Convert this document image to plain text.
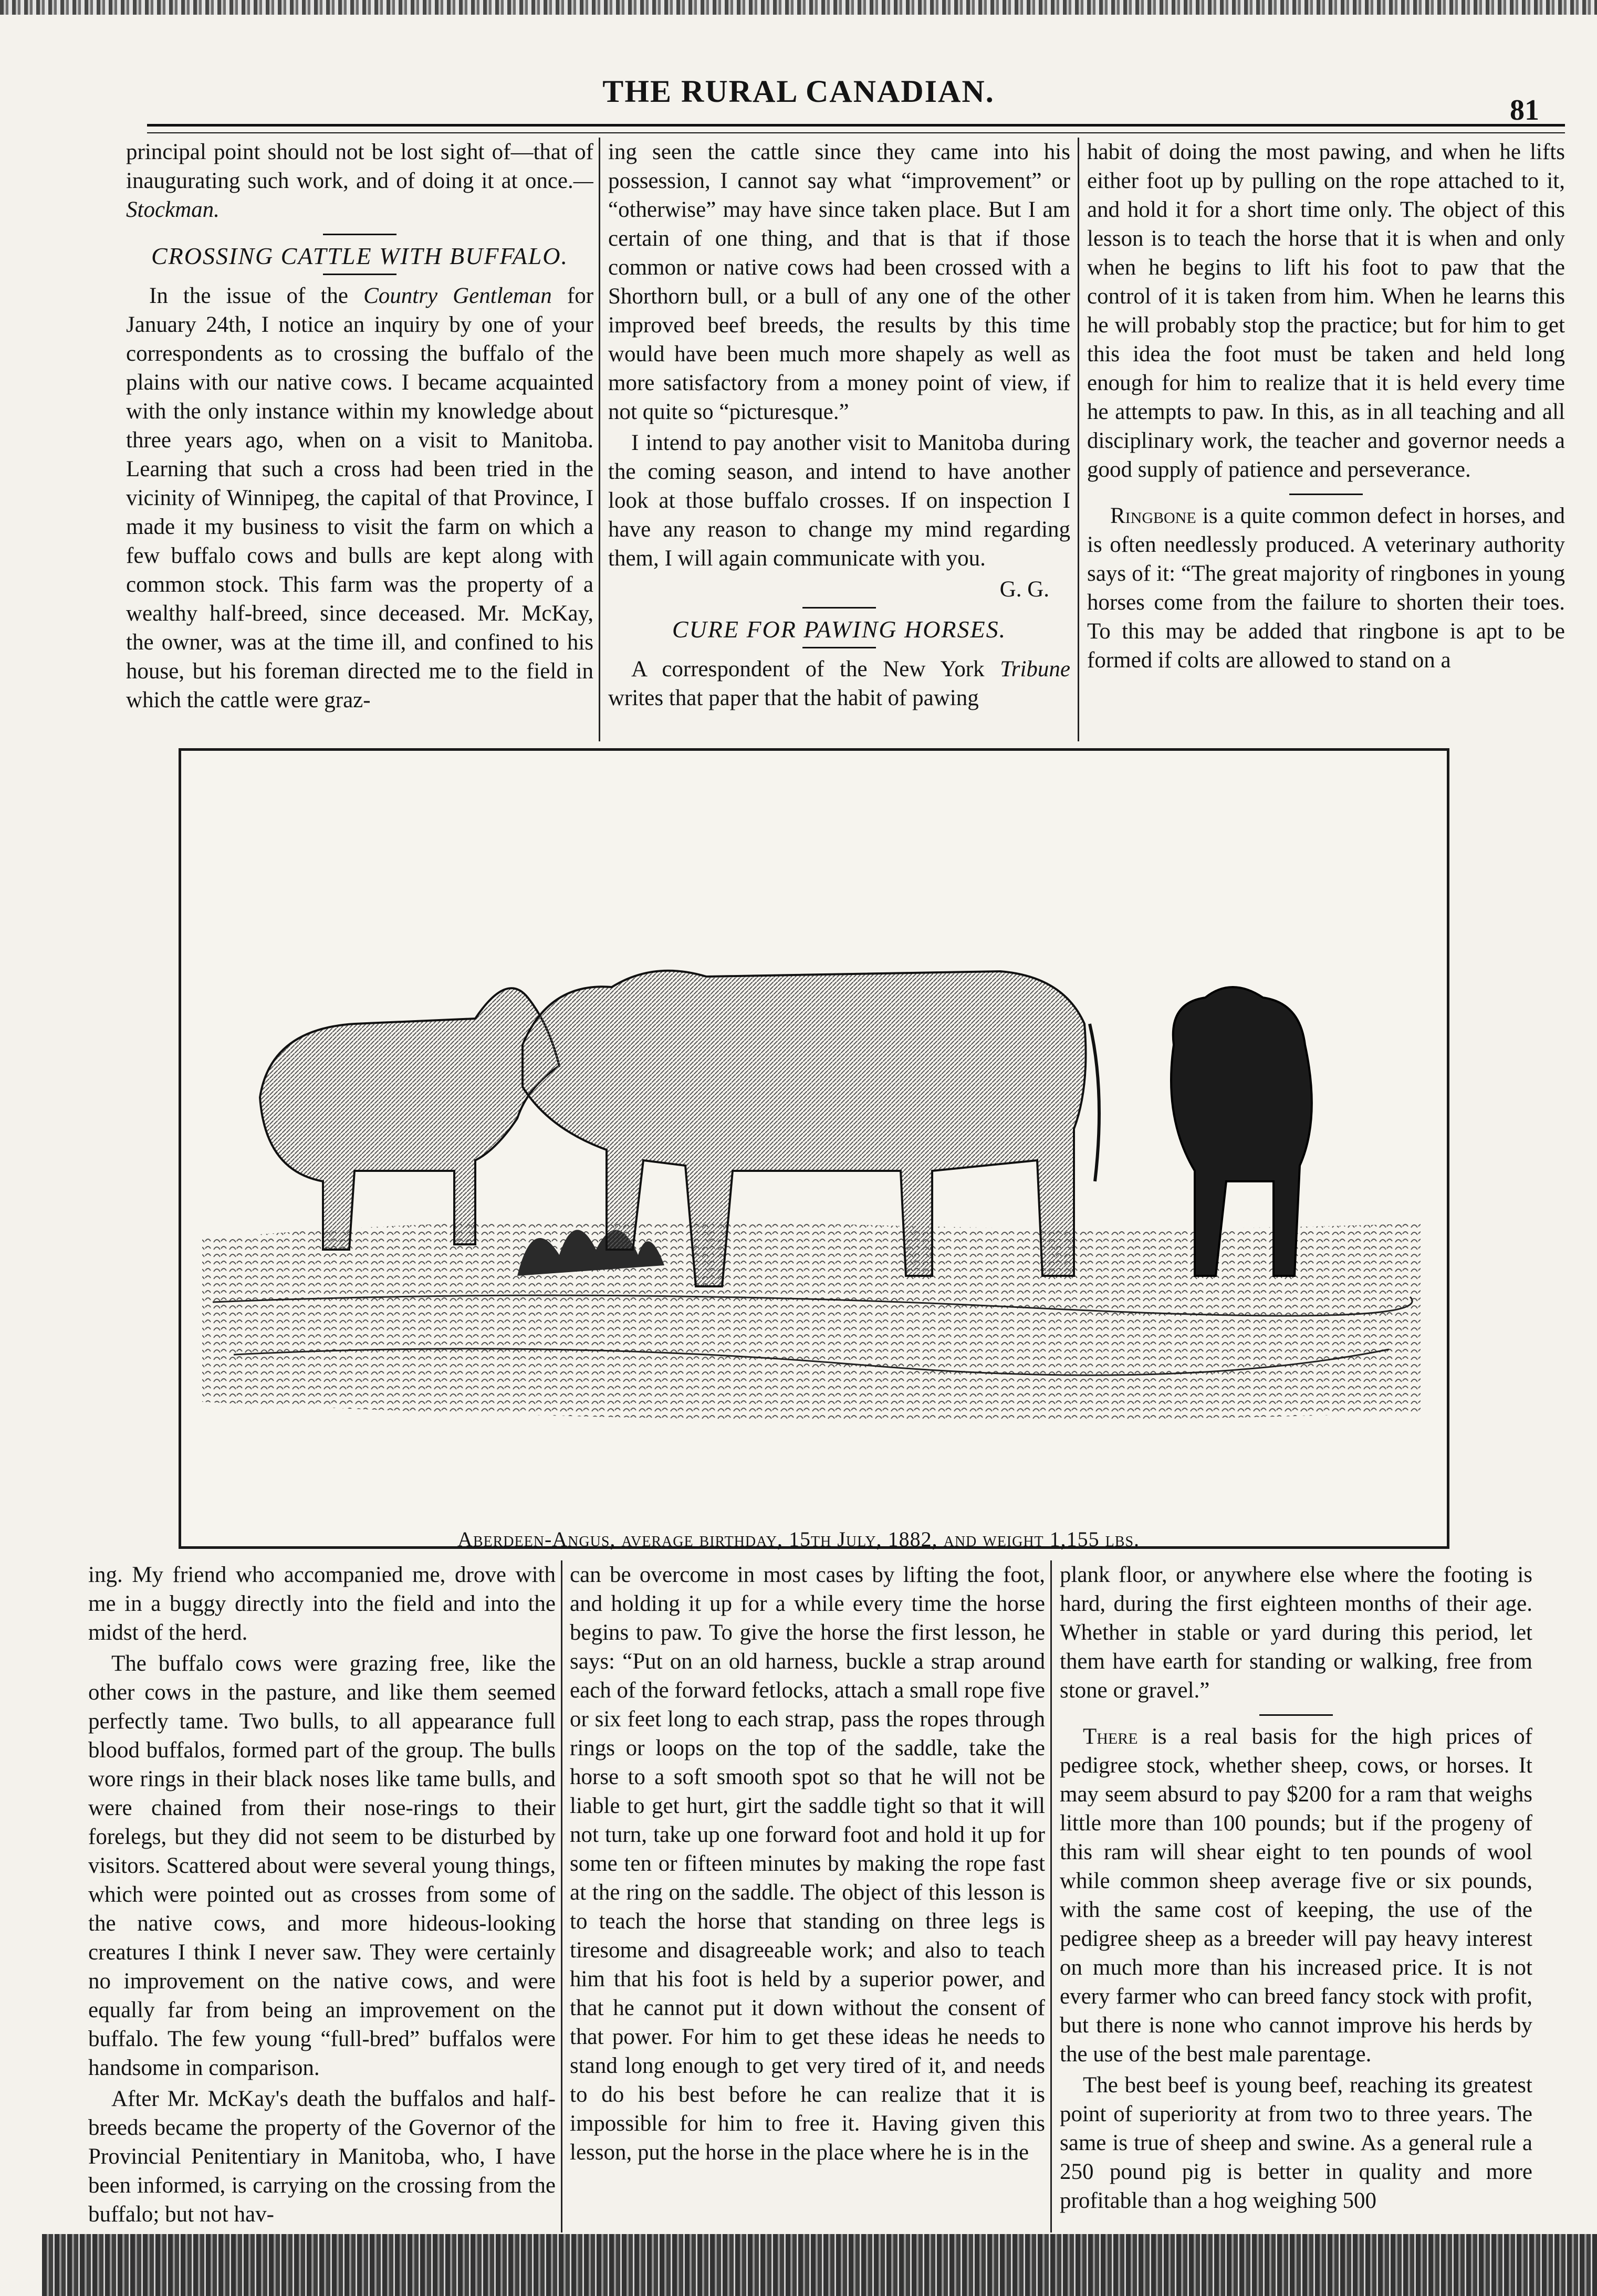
THE RURAL CANADIAN.
81

principal point should not be lost sight of—that of inaugurating such work, and of doing it at once.—Stockman.

CROSSING CATTLE WITH BUFFALO.

In the issue of the Country Gentleman for January 24th, I notice an inquiry by one of your correspondents as to crossing the buffalo of the plains with our native cows. I became acquainted with the only instance within my knowledge about three years ago, when on a visit to Manitoba. Learning that such a cross had been tried in the vicinity of Winnipeg, the capital of that Province, I made it my business to visit the farm on which a few buffalo cows and bulls are kept along with common stock. This farm was the property of a wealthy half-breed, since deceased. Mr. McKay, the owner, was at the time ill, and confined to his house, but his foreman directed me to the field in which the cattle were graz-

ing seen the cattle since they came into his possession, I cannot say what “improvement” or “otherwise” may have since taken place. But I am certain of one thing, and that is that if those common or native cows had been crossed with a Shorthorn bull, or a bull of any one of the other improved beef breeds, the results by this time would have been much more shapely as well as more satisfactory from a money point of view, if not quite so “picturesque.”

I intend to pay another visit to Manitoba during the coming season, and intend to have another look at those buffalo crosses. If on inspection I have any reason to change my mind regarding them, I will again communicate with you.

G. G.
CURE FOR PAWING HORSES.

A correspondent of the New York Tribune writes that paper that the habit of pawing

habit of doing the most pawing, and when he lifts either foot up by pulling on the rope attached to it, and hold it for a short time only. The object of this lesson is to teach the horse that it is when and only when he begins to lift his foot to paw that the control of it is taken from him. When he learns this he will probably stop the practice; but for him to get this idea the foot must be taken and held long enough for him to realize that it is held every time he attempts to paw. In this, as in all teaching and all disciplinary work, the teacher and governor needs a good supply of patience and perseverance.

Ringbone is a quite common defect in horses, and is often needlessly produced. A veterinary authority says of it: “The great majority of ringbones in young horses come from the failure to shorten their toes. To this may be added that ringbone is apt to be formed if colts are allowed to stand on a

Aberdeen-Angus, average birthday, 15th July, 1882, and weight 1,155 lbs.

ing. My friend who accompanied me, drove with me in a buggy directly into the field and into the midst of the herd.

The buffalo cows were grazing free, like the other cows in the pasture, and like them seemed perfectly tame. Two bulls, to all appearance full blood buffalos, formed part of the group. The bulls wore rings in their black noses like tame bulls, and were chained from their nose-rings to their forelegs, but they did not seem to be disturbed by visitors. Scattered about were several young things, which were pointed out as crosses from some of the native cows, and more hideous-looking creatures I think I never saw. They were certainly no improvement on the native cows, and were equally far from being an improvement on the buffalo. The few young “full-bred” buffalos were handsome in comparison.

After Mr. McKay's death the buffalos and half-breeds became the property of the Governor of the Provincial Penitentiary in Manitoba, who, I have been informed, is carrying on the crossing from the buffalo; but not hav-

can be overcome in most cases by lifting the foot, and holding it up for a while every time the horse begins to paw. To give the horse the first lesson, he says: “Put on an old harness, buckle a strap around each of the forward fetlocks, attach a small rope five or six feet long to each strap, pass the ropes through rings or loops on the top of the saddle, take the horse to a soft smooth spot so that he will not be liable to get hurt, girt the saddle tight so that it will not turn, take up one forward foot and hold it up for some ten or fifteen minutes by making the rope fast at the ring on the saddle. The object of this lesson is to teach the horse that standing on three legs is tiresome and disagreeable work; and also to teach him that his foot is held by a superior power, and that he cannot put it down without the consent of that power. For him to get these ideas he needs to stand long enough to get very tired of it, and needs to do his best before he can realize that it is impossible for him to free it. Having given this lesson, put the horse in the place where he is in the

plank floor, or anywhere else where the footing is hard, during the first eighteen months of their age. Whether in stable or yard during this period, let them have earth for standing or walking, free from stone or gravel.”

There is a real basis for the high prices of pedigree stock, whether sheep, cows, or horses. It may seem absurd to pay $200 for a ram that weighs little more than 100 pounds; but if the progeny of this ram will shear eight to ten pounds of wool while common sheep average five or six pounds, with the same cost of keeping, the use of the pedigree sheep as a breeder will pay heavy interest on much more than his increased price. It is not every farmer who can breed fancy stock with profit, but there is none who cannot improve his herds by the use of the best male parentage.

The best beef is young beef, reaching its greatest point of superiority at from two to three years. The same is true of sheep and swine. As a general rule a 250 pound pig is better in quality and more profitable than a hog weighing 500
